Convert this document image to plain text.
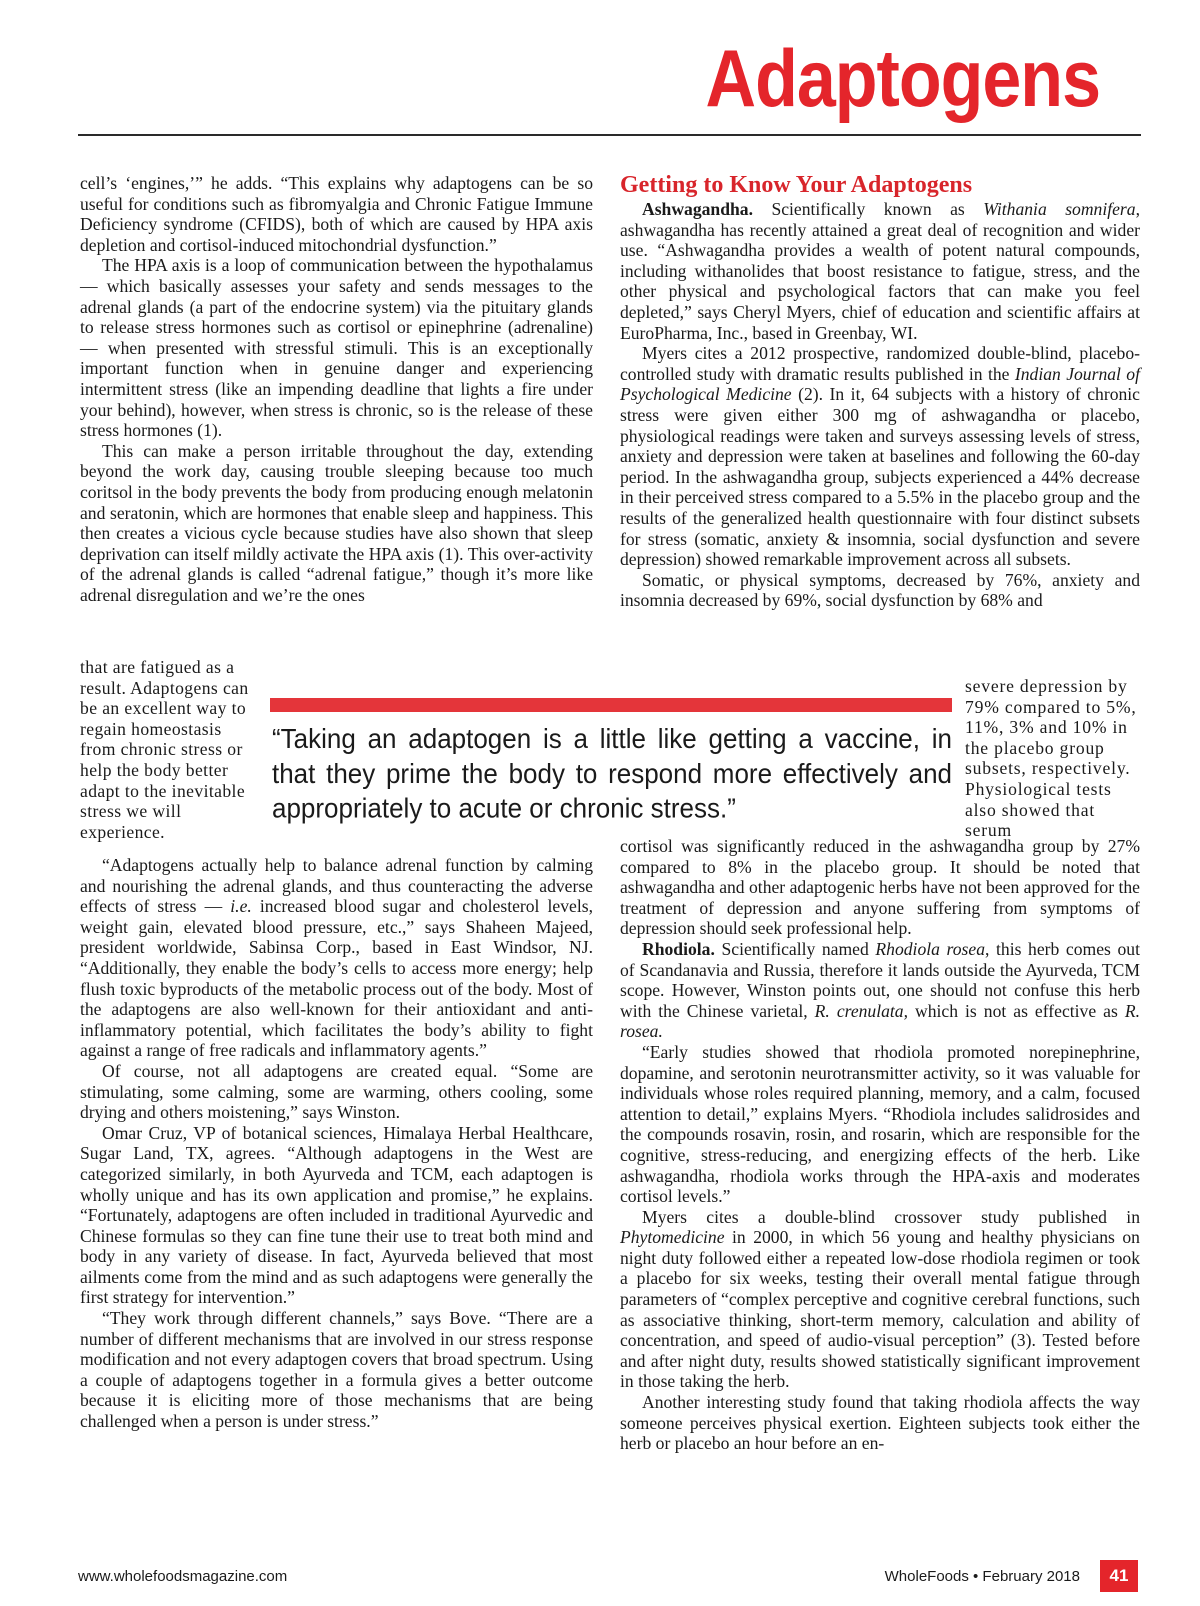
Adaptogens

cell’s ‘engines,’” he adds. “This explains why adaptogens can be so useful for conditions such as fibromyalgia and Chronic Fatigue Immune Deficiency syndrome (CFIDS), both of which are caused by HPA axis depletion and cortisol-induced mitochondrial dysfunction.”

The HPA axis is a loop of communication between the hypothalamus — which basically assesses your safety and sends messages to the adrenal glands (a part of the endocrine system) via the pituitary glands to release stress hormones such as cortisol or epinephrine (adrenaline) — when presented with stressful stimuli. This is an exceptionally important function when in genuine danger and experiencing intermittent stress (like an impending deadline that lights a fire under your behind), however, when stress is chronic, so is the release of these stress hormones (1).

This can make a person irritable throughout the day, extending beyond the work day, causing trouble sleeping because too much coritsol in the body prevents the body from producing enough melatonin and seratonin, which are hormones that enable sleep and happiness. This then creates a vicious cycle because studies have also shown that sleep deprivation can itself mildly activate the HPA axis (1). This over-activity of the adrenal glands is called “adrenal fatigue,” though it’s more like adrenal disregulation and we’re the ones

that are fatigued as a result. Adaptogens can be an excellent way to regain homeostasis from chronic stress or help the body better adapt to the inevitable stress we will experience.

“Adaptogens actually help to balance adrenal function by calming and nourishing the adrenal glands, and thus counteracting the adverse effects of stress — i.e. increased blood sugar and cholesterol levels, weight gain, elevated blood pressure, etc.,” says Shaheen Majeed, president worldwide, Sabinsa Corp., based in East Windsor, NJ. “Additionally, they enable the body’s cells to access more energy; help flush toxic byproducts of the metabolic process out of the body. Most of the adaptogens are also well-known for their antioxidant and anti-inflammatory potential, which facilitates the body’s ability to fight against a range of free radicals and inflammatory agents.”

Of course, not all adaptogens are created equal. “Some are stimulating, some calming, some are warming, others cooling, some drying and others moistening,” says Winston.

Omar Cruz, VP of botanical sciences, Himalaya Herbal Healthcare, Sugar Land, TX, agrees. “Although adaptogens in the West are categorized similarly, in both Ayurveda and TCM, each adaptogen is wholly unique and has its own application and promise,” he explains. “Fortunately, adaptogens are often included in traditional Ayurvedic and Chinese formulas so they can fine tune their use to treat both mind and body in any variety of disease. In fact, Ayurveda believed that most ailments come from the mind and as such adaptogens were generally the first strategy for intervention.”

“They work through different channels,” says Bove. “There are a number of different mechanisms that are involved in our stress response modification and not every adaptogen covers that broad spectrum. Using a couple of adaptogens together in a formula gives a better outcome because it is eliciting more of those mechanisms that are being challenged when a person is under stress.”

Getting to Know Your Adaptogens

Ashwagandha. Scientifically known as Withania somnifera, ashwagandha has recently attained a great deal of recognition and wider use. “Ashwagandha provides a wealth of potent natural compounds, including withanolides that boost resistance to fatigue, stress, and the other physical and psychological factors that can make you feel depleted,” says Cheryl Myers, chief of education and scientific affairs at EuroPharma, Inc., based in Greenbay, WI.

Myers cites a 2012 prospective, randomized double-blind, placebo-controlled study with dramatic results published in the Indian Journal of Psychological Medicine (2). In it, 64 subjects with a history of chronic stress were given either 300 mg of ashwagandha or placebo, physiological readings were taken and surveys assessing levels of stress, anxiety and depression were taken at baselines and following the 60-day period. In the ashwagandha group, subjects experienced a 44% decrease in their perceived stress compared to a 5.5% in the placebo group and the results of the generalized health questionnaire with four distinct subsets for stress (somatic, anxiety & insomnia, social dysfunction and severe depression) showed remarkable improvement across all subsets.

Somatic, or physical symptoms, decreased by 76%, anxiety and insomnia decreased by 69%, social dysfunction by 68% and

severe depression by 79% compared to 5%, 11%, 3% and 10% in the placebo group subsets, respectively. Physiological tests also showed that serum

cortisol was significantly reduced in the ashwagandha group by 27% compared to 8% in the placebo group. It should be noted that ashwagandha and other adaptogenic herbs have not been approved for the treatment of depression and anyone suffering from symptoms of depression should seek professional help.

Rhodiola. Scientifically named Rhodiola rosea, this herb comes out of Scandanavia and Russia, therefore it lands outside the Ayurveda, TCM scope. However, Winston points out, one should not confuse this herb with the Chinese varietal, R. crenulata, which is not as effective as R. rosea.

“Early studies showed that rhodiola promoted norepinephrine, dopamine, and serotonin neurotransmitter activity, so it was valuable for individuals whose roles required planning, memory, and a calm, focused attention to detail,” explains Myers. “Rhodiola includes salidrosides and the compounds rosavin, rosin, and rosarin, which are responsible for the cognitive, stress-reducing, and energizing effects of the herb. Like ashwagandha, rhodiola works through the HPA-axis and moderates cortisol levels.”

Myers cites a double-blind crossover study published in Phytomedicine in 2000, in which 56 young and healthy physicians on night duty followed either a repeated low-dose rhodiola regimen or took a placebo for six weeks, testing their overall mental fatigue through parameters of “complex perceptive and cognitive cerebral functions, such as associative thinking, short-term memory, calculation and ability of concentration, and speed of audio-visual perception” (3). Tested before and after night duty, results showed statistically significant improvement in those taking the herb.

Another interesting study found that taking rhodiola affects the way someone perceives physical exertion. Eighteen subjects took either the herb or placebo an hour before an en-

“Taking an adaptogen is a little like getting a vaccine, in that they prime the body to respond more effectively and appropriately to acute or chronic stress.”
www.wholefoodsmagazine.com	WholeFoods • February 2018	41
